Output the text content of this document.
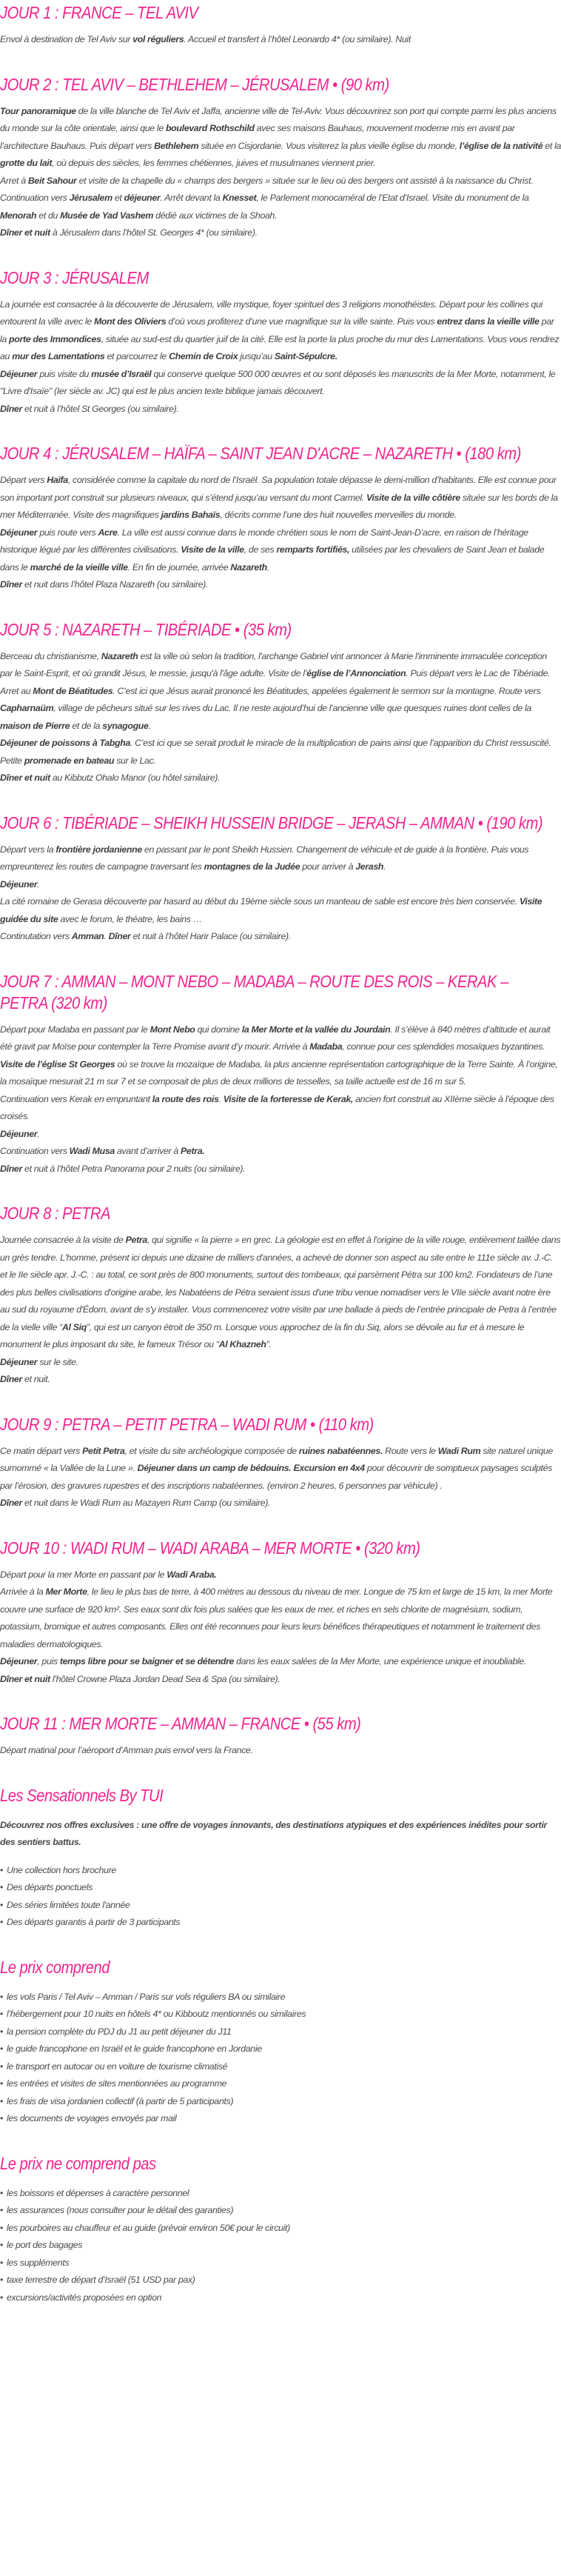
JOUR 1 : FRANCE – TEL AVIV

Envol à destination de Tel Aviv sur vol réguliers. Accueil et transfert à l’hôtel Leonardo 4* (ou similaire). Nuit

JOUR 2 : TEL AVIV – BETHLEHEM – JÉRUSALEM • (90 km)

Tour panoramique de la ville blanche de Tel Aviv et Jaffa, ancienne ville de Tel-Aviv. Vous découvrirez son port qui compte parmi les plus anciens du monde sur la côte orientale, ainsi que le boulevard Rothschild avec ses maisons Bauhaus, mouvement moderne mis en avant par l’architecture Bauhaus. Puis départ vers Bethlehem située en Cisjordanie. Vous visiterez la plus vieille église du monde, l’église de la nativité et la grotte du lait, où depuis des siècles, les femmes chétiennes, juives et musulmanes viennent prier.

Arret à Beit Sahour et visite de la chapelle du « champs des bergers » située sur le lieu où des bergers ont assisté à la naissance du Christ.

Continuation vers Jérusalem et déjeuner. Arrêt devant la Knesset, le Parlement monocaméral de l’Etat d’Israel. Visite du monument de la Menorah et du Musée de Yad Vashem dédié aux victimes de la Shoah.

Dîner et nuit à Jérusalem dans l’hôtel St. Georges 4* (ou similaire).

JOUR 3 : JÉRUSALEM

La journée est consacrée à la découverte de Jérusalem, ville mystique, foyer spirituel des 3 religions monothéistes. Départ pour les collines qui entourent la ville avec le Mont des Oliviers d’où vous profiterez d’une vue magnifique sur la ville sainte. Puis vous entrez dans la vieille ville par la porte des Immondices, située au sud-est du quartier juif de la cité. Elle est la porte la plus proche du mur des Lamentations. Vous vous rendrez au mur des Lamentations et parcourrez le Chemin de Croix jusqu’au Saint-Sépulcre.

Déjeuner puis visite du musée d’Israël qui conserve quelque 500 000 œuvres et ou sont déposés les manuscrits de la Mer Morte, notamment, le "Livre d'Isaïe" (Ier siècle av. JC) qui est le plus ancien texte biblique jamais découvert.

Dîner et nuit à l’hôtel St Georges (ou similaire).

JOUR 4 : JÉRUSALEM – HAÏFA – SAINT JEAN D'ACRE – NAZARETH • (180 km)

Départ vers Haïfa, considérée comme la capitale du nord de l’Israël. Sa population totale dépasse le demi-million d’habitants. Elle est connue pour son important port construit sur plusieurs niveaux, qui s’étend jusqu’au versant du mont Carmel. Visite de la ville côtière située sur les bords de la mer Méditerranée. Visite des magnifiques jardins Bahaïs, décrits comme l’une des huit nouvelles merveilles du monde.

Déjeuner puis route vers Acre. La ville est aussi connue dans le monde chrétien sous le nom de Saint-Jean-D’acre, en raison de l’héritage historique légué par les différentes civilisations. Visite de la ville, de ses remparts fortifiés, utilisées par les chevaliers de Saint Jean et balade dans le marché de la vieille ville. En fin de journée, arrivée Nazareth.

Dîner et nuit dans l’hôtel Plaza Nazareth (ou similaire).

JOUR 5 : NAZARETH – TIBÉRIADE • (35 km)

Berceau du christianisme, Nazareth est la ville où selon la tradition, l'archange Gabriel vint annoncer à Marie l'imminente immaculée conception par le Saint-Esprit, et où grandit Jésus, le messie, jusqu'à l'âge adulte. Visite de l’église de l’Annonciation. Puis départ vers le Lac de Tibériade. Arret au Mont de Béatitudes. C’est ici que Jésus aurait prononcé les Béatitudes, appelées également le sermon sur la montagne. Route vers Capharnaüm, village de pêcheurs situé sur les rives du Lac. Il ne reste aujourd’hui de l’ancienne ville que quesques ruines dont celles de la maison de Pierre et de la synagogue.

Déjeuner de poissons à Tabgha. C’est ici que se serait produit le miracle de la multiplication de pains ainsi que l’apparition du Christ ressuscité. Petite promenade en bateau sur le Lac.

Dîner et nuit au Kibbutz Ohalo Manor (ou hôtel similaire).

JOUR 6 : TIBÉRIADE – SHEIKH HUSSEIN BRIDGE – JERASH – AMMAN • (190 km)

Départ vers la frontière jordanienne en passant par le pont Sheikh Hussien. Changement de véhicule et de guide à la frontière. Puis vous empreunterez les routes de campagne traversant les montagnes de la Judée pour arriver à Jerash.

Déjeuner.

La cité romaine de Gerasa découverte par hasard au début du 19ème siècle sous un manteau de sable est encore très bien conservée. Visite guidée du site avec le forum, le théatre, les bains …

Continutation vers Amman. Dîner et nuit à l’hôtel Harir Palace (ou similaire).

JOUR 7 : AMMAN – MONT NEBO – MADABA – ROUTE DES ROIS – KERAK – PETRA (320 km)

Départ pour Madaba en passant par le Mont Nebo qui domine la Mer Morte et la vallée du Jourdain. Il s’élève à 840 mètres d’altitude et aurait été gravit par Moïse pour contempler la Terre Promise avant d’y mourir. Arrivée à Madaba, connue pour ces splendides mosaïques byzantines. Visite de l’église St Georges où se trouve la mozaïque de Madaba, la plus ancienne représentation cartographique de la Terre Sainte. À l’origine, la mosaïque mesurait 21 m sur 7 et se composait de plus de deux millions de tesselles, sa taille actuelle est de 16 m sur 5.

Continuation vers Kerak en empruntant la route des rois. Visite de la forteresse de Kerak, ancien fort construit au XIIème siècle à l’époque des croisés.

Déjeuner.

Continuation vers Wadi Musa avant d’arriver à Petra.

Dîner et nuit à l’hôtel Petra Panorama pour 2 nuits (ou similaire).

JOUR 8 : PETRA

Journée consacrée à la visite de Petra, qui signifie « la pierre » en grec. La géologie est en effet à l'origine de la ville rouge, entièrement taillée dans un grès tendre. L'homme, présent ici depuis une dizaine de milliers d'années, a achevé de donner son aspect au site entre le 111e siècle av. J.-C. et le IIe siècle apr. J.-C. : au total, ce sont près de 800 monuments, surtout des tombeaux, qui parsèment Pétra sur 100 km2. Fondateurs de l’une des plus belles civilisations d'origine arabe, les Nabatéens de Pétra seraient issus d'une tribu venue nomadiser vers le VIIe siècle avant notre ère au sud du royaume d'Édom, avant de s'y installer. Vous commencerez votre visite par une ballade à pieds de l’entrée principale de Petra à l’entrée de la vielle ville “Al Siq”, qui est un canyon étroit de 350 m. Lorsque vous approchez de la fin du Siq, alors se dévoile au fur et à mesure le monument le plus imposant du site, le fameux Trésor ou “Al Khazneh”.

Déjeuner sur le site.

Dîner et nuit.

JOUR 9 : PETRA – PETIT PETRA – WADI RUM • (110 km)

Ce matin départ vers Petit Petra, et visite du site archéologique composée de ruines nabatéennes. Route vers le Wadi Rum site naturel unique surnommé « la Vallée de la Lune ». Déjeuner dans un camp de bédouins. Excursion en 4x4 pour découvrir de somptueux paysages sculptés par l’érosion, des gravures rupestres et des inscriptions nabatéennes. (environ 2 heures, 6 personnes par véhicule) .

Dîner et nuit dans le Wadi Rum au Mazayen Rum Camp (ou similaire).

JOUR 10 : WADI RUM – WADI ARABA – MER MORTE • (320 km)

Départ pour la mer Morte en passant par le Wadi Araba.

Arrivée à la Mer Morte, le lieu le plus bas de terre, à 400 mètres au dessous du niveau de mer. Longue de 75 km et large de 15 km, la mer Morte couvre une surface de 920 km². Ses eaux sont dix fois plus salées que les eaux de mer, et riches en sels chlorite de magnésium, sodium, potassium, bromique et autres composants. Elles ont été reconnues pour leurs leurs bénéfices thérapeutiques et notamment le traitement des maladies dermatologiques.

Déjeuner, puis temps libre pour se baigner et se détendre dans les eaux salées de la Mer Morte, une expérience unique et inoubliable.

Dîner et nuit l’hôtel Crowne Plaza Jordan Dead Sea & Spa (ou similaire).

JOUR 11 : MER MORTE – AMMAN – FRANCE • (55 km)

Départ matinal pour l’aéroport d’Amman puis envol vers la France.

Les Sensationnels By TUI
Découvrez nos offres exclusives : une offre de voyages innovants, des destinations atypiques et des expériences inédites pour sortir des sentiers battus.
• Une collection hors brochure
• Des départs ponctuels
• Des séries limitées toute l'année
• Des départs garantis à partir de 3 participants
Le prix comprend
• les vols Paris / Tel Aviv – Amman / Paris sur vols réguliers BA ou similaire
• l’hébergement pour 10 nuits en hôtels 4* ou Kibboutz mentionnés ou similaires
• la pension complète du PDJ du J1 au petit déjeuner du J11
• le guide francophone en Israël et le guide francophone en Jordanie
• le transport en autocar ou en voiture de tourisme climatisé
• les entrées et visites de sites mentionnées au programme
• les frais de visa jordanien collectif (à partir de 5 participants)
• les documents de voyages envoyés par mail
Le prix ne comprend pas
• les boissons et dépenses à caractère personnel
• les assurances (nous consulter pour le détail des garanties)
• les pourboires au chauffeur et au guide (prévoir environ 50€ pour le circuit)
• le port des bagages
• les suppléments
• taxe terrestre de départ d’Israël (51 USD par pax)
• excursions/activités proposées en option
